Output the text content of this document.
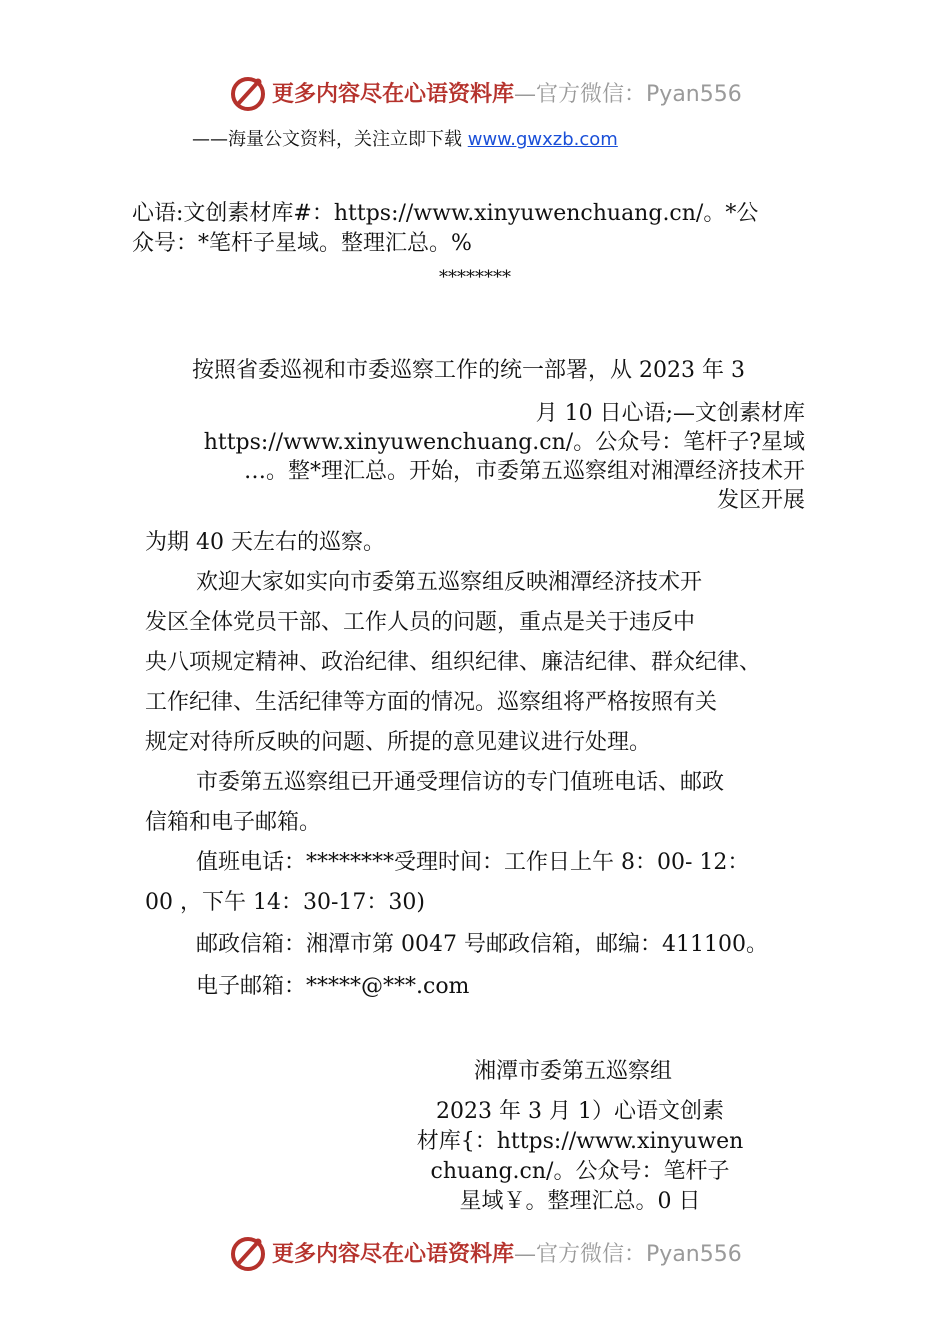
更多内容尽在心语资料库—官方微信：Pyan556
——海量公文资料，关注立即下载 www.gwxzb.com
心语:文创素材库#：https://www.xinyuwenchuang.cn/。*公
众号：*笔杆子星域。整理汇总。%
********
按照省委巡视和市委巡察工作的统一部署，从 2023 年 3
月 10 日心语;—文创素材库
https://www.xinyuwenchuang.cn/。公众号：笔杆子?星域
…。整*理汇总。开始，市委第五巡察组对湘潭经济技术开
发区开展
为期 40 天左右的巡察。
欢迎大家如实向市委第五巡察组反映湘潭经济技术开
发区全体党员干部、工作人员的问题，重点是关于违反中
央八项规定精神、政治纪律、组织纪律、廉洁纪律、群众纪律、
工作纪律、生活纪律等方面的情况。巡察组将严格按照有关
规定对待所反映的问题、所提的意见建议进行处理。
市委第五巡察组已开通受理信访的专门值班电话、邮政
信箱和电子邮箱。
值班电话：********受理时间：工作日上午 8：00- 12：
00 ，下午 14：30-17：30)
邮政信箱：湘潭市第 0047 号邮政信箱，邮编：411100。
电子邮箱：*****@***.com
湘潭市委第五巡察组
2023 年 3 月 1）心语文创素
材库{：https://www.xinyuwen
chuang.cn/。公众号：笔杆子
星域￥。整理汇总。0 日
更多内容尽在心语资料库—官方微信：Pyan556
